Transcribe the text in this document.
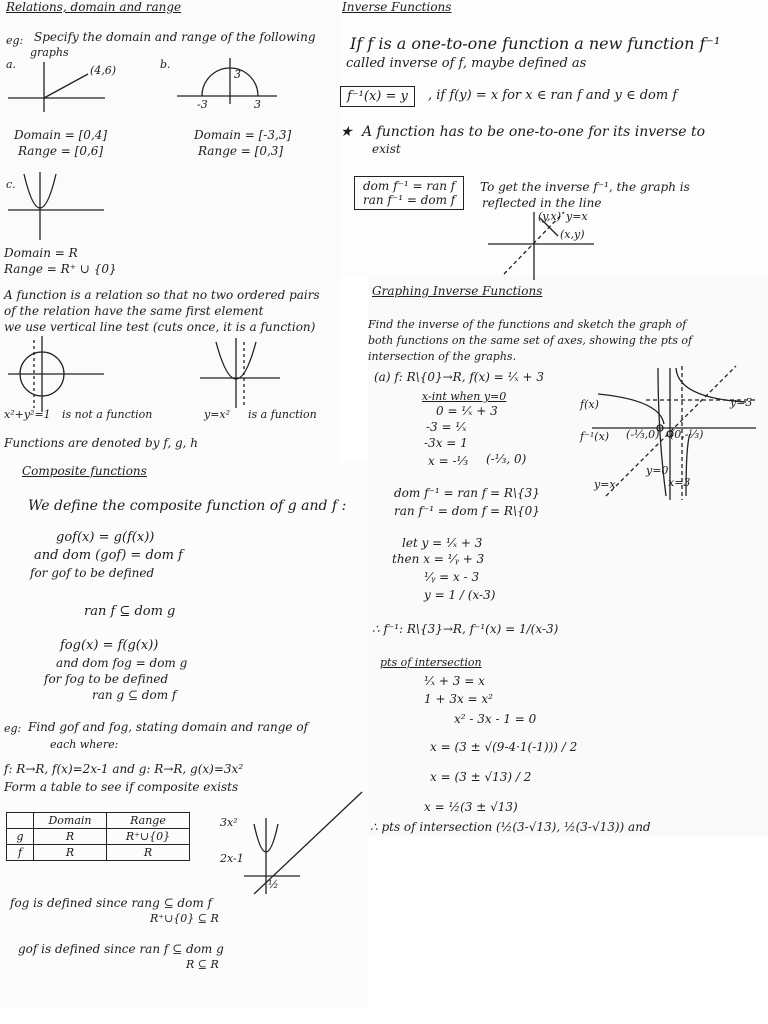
Relations, domain and range
eg: Specify the domain and range of the following
graphs
a.	(4,6)
Domain = [0,4]
Range = [0,6]
b.
-3	3
3
Domain = [-3,3]
Range = [0,3]
c.
Domain = R
Range = R⁺ ∪ {0}
A function is a relation so that no two ordered pairs
of the relation have the same first element
we use vertical line test (cuts once, it is a function)
x²+y²=1 is not a function	y=x² is a function
Functions are denoted by f, g, h
Composite functions
We define the composite function of g and f :
gof(x) = g(f(x))
and dom (gof) = dom f
for gof to be defined
ran f ⊆ dom g
fog(x) = f(g(x))
and dom fog = dom g
for fog to be defined
ran g ⊆ dom f
eg: Find gof and fog, stating domain and range of
each where:
f: R→R, f(x)=2x-1 and g: R→R, g(x)=3x²
Form a table to see if composite exists
	Domain	Range
g	R	R⁺∪{0}
f	R	R
3x²
2x-1
½
fog is defined since rang ⊆ dom f
R⁺∪{0} ⊆ R
gof is defined since ran f ⊆ dom g
R ⊆ R
Inverse Functions
If f is a one-to-one function a new function f⁻¹
called inverse of f, maybe defined as
f⁻¹(x) = y	, if f(y) = x for x ∈ ran f and y ∈ dom f
★ A function has to be one-to-one for its inverse to
exist
dom f⁻¹ = ran f
ran f⁻¹ = dom f
To get the inverse f⁻¹, the graph is
reflected in the line
(y,x) y=x
(x,y)
Graphing Inverse Functions
Find the inverse of the functions and sketch the graph of
both functions on the same set of axes, showing the pts of
intersection of the graphs.
(a) f: R\{0}→R, f(x) = ¹⁄ₓ + 3
x-int when y=0
0 = ¹⁄ₓ + 3
-3 = ¹⁄ₓ
-3x = 1
x = -⅓ (-⅓, 0)
f(x)
f⁻¹(x) (-⅓,0) (0,-⅓)
y=3
y=x	x=3
y=0
dom f⁻¹ = ran f = R\{3}
ran f⁻¹ = dom f = R\{0}
let y = ¹⁄ₓ + 3
then x = ¹⁄ᵧ + 3
¹⁄ᵧ = x - 3
y = 1 / (x-3)
∴ f⁻¹: R\{3}→R, f⁻¹(x) = 1/(x-3)
pts of intersection
¹⁄ₓ + 3 = x
1 + 3x = x²
x² - 3x - 1 = 0
x = (3 ± √(9-4·1(-1))) / 2
x = (3 ± √13) / 2
x = ½(3 ± √13)
∴ pts of intersection (½(3-√13), ½(3-√13)) and
